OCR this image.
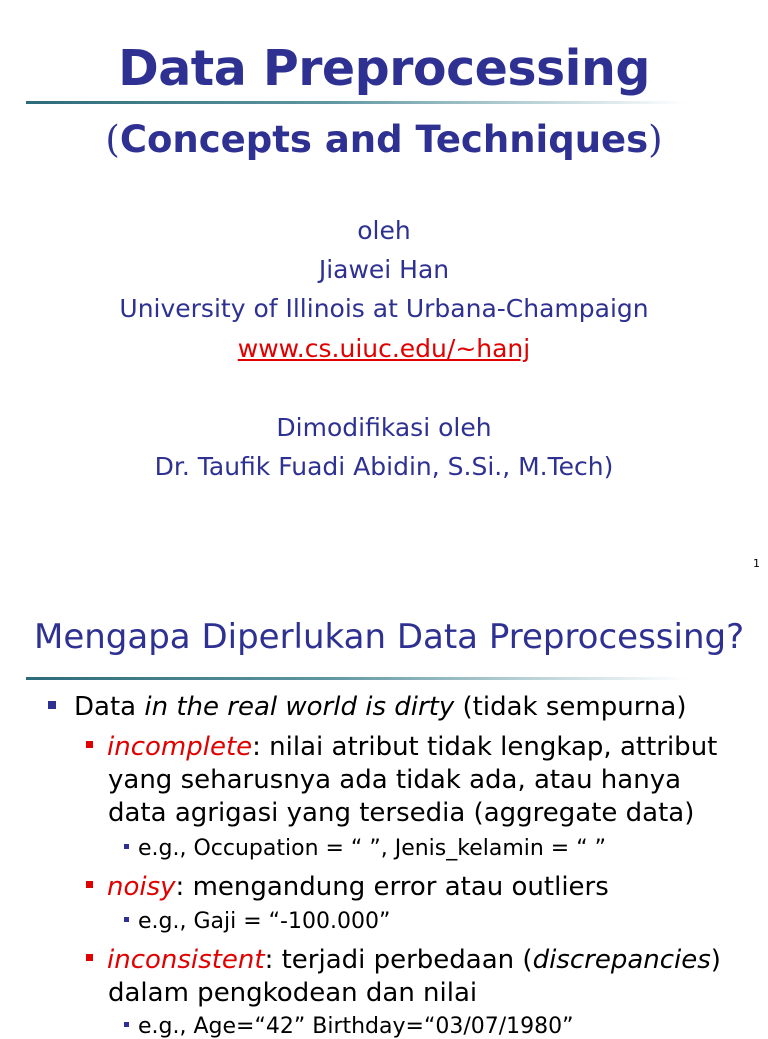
Data Preprocessing
(Concepts and Techniques)
oleh
Jiawei Han
University of Illinois at Urbana-Champaign
www.cs.uiuc.edu/~hanj
Dimodifikasi oleh
Dr. Taufik Fuadi Abidin, S.Si., M.Tech)
1
Mengapa Diperlukan Data Preprocessing?
Data in the real world is dirty (tidak sempurna)
incomplete: nilai atribut tidak lengkap, attribut
yang seharusnya ada tidak ada, atau hanya
data agrigasi yang tersedia (aggregate data)
e.g., Occupation = “ ”, Jenis_kelamin = “ ”
noisy: mengandung error atau outliers
e.g., Gaji = “-100.000”
inconsistent: terjadi perbedaan (discrepancies)
dalam pengkodean dan nilai
e.g., Age=“42” Birthday=“03/07/1980”
